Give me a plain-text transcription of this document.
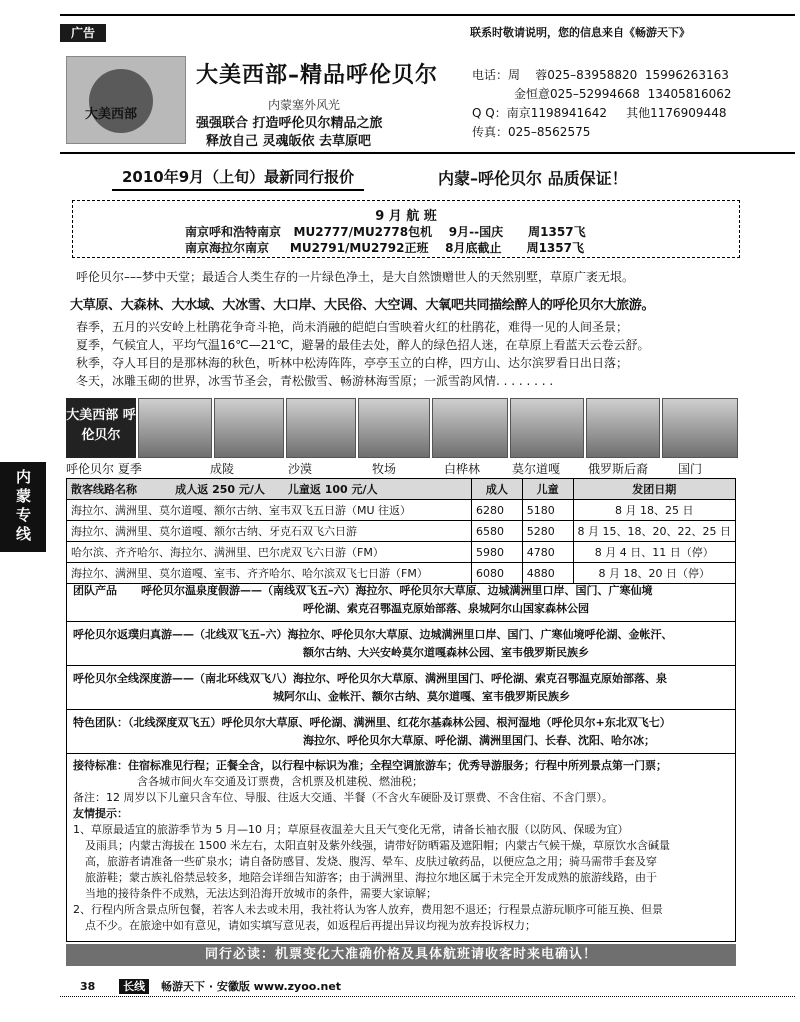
广告	联系时敬请说明，您的信息来自《畅游天下》
内蒙专线
大美西部
大美西部–精品呼伦贝尔
内蒙塞外风光
强强联合 打造呼伦贝尔精品之旅
释放自己 灵魂皈依 去草原吧
电话：周    蓉025–83958820  15996263163
金恒意025–52994668  13405816062
Q Q：南京1198941642     其他1176909448
传真：025–8562575
2010年9月（上旬）最新同行报价	内蒙–呼伦贝尔 品质保证！
9 月 航 班
南京呼和浩特南京   MU2777/MU2778包机    9月--国庆      周1357飞
南京海拉尔南京     MU2791/MU2792正班    8月底截止      周1357飞
呼伦贝尔–––梦中天堂；最适合人类生存的一片绿色净土，是大自然馈赠世人的天然别墅，草原广袤无垠。
大草原、大森林、大水域、大冰雪、大口岸、大民俗、大空调、大氧吧共同描绘醉人的呼伦贝尔大旅游。
春季，五月的兴安岭上杜鹃花争奇斗艳，尚未消融的皑皑白雪映着火红的杜鹃花，难得一见的人间圣景；
夏季，气候宜人，平均气温16℃—21℃，避暑的最佳去处，醉人的绿色招人迷，在草原上看蓝天云卷云舒。
秋季，夺人耳目的是那林海的秋色，听林中松涛阵阵，亭亭玉立的白桦，四方山、达尔滨罗看日出日落；
冬天，冰雕玉砌的世界，冰雪节圣会，青松傲雪、畅游林海雪原；一派雪韵风情. . . . . . . .
大美西部 呼伦贝尔
呼伦贝尔 夏季	成陵	沙漠	牧场	白桦林	莫尔道嘎 俄罗斯后裔 国门
散客线路名称          成人返 250 元/人      儿童返 100 元/人	成人	儿童	发团日期
海拉尔、满洲里、莫尔道嘎、额尔古纳、室韦双飞五日游（MU 往返）	6280	5180	8 月 18、25 日
海拉尔、满洲里、莫尔道嘎、额尔古纳、牙克石双飞六日游	6580	5280	8 月 15、18、20、22、25 日
哈尔滨、齐齐哈尔、海拉尔、满洲里、巴尔虎双飞六日游（FM）	5980	4780	8 月 4 日、11 日（停）
海拉尔、满洲里、莫尔道嘎、室韦、齐齐哈尔、哈尔滨双飞七日游（FM）	6080	4880	8 月 18、20 日（停）
团队产品 呼伦贝尔温泉度假游——（南线双飞五–六）海拉尔、呼伦贝尔大草原、边城满洲里口岸、国门、广寒仙境
呼伦湖、索克召鄂温克原始部落、泉城阿尔山国家森林公园
呼伦贝尔返璞归真游——（北线双飞五–六）海拉尔、呼伦贝尔大草原、边城满洲里口岸、国门、广寒仙境呼伦湖、金帐汗、
额尔古纳、大兴安岭莫尔道嘎森林公园、室韦俄罗斯民族乡
呼伦贝尔全线深度游——（南北环线双飞八）海拉尔、呼伦贝尔大草原、满洲里国门、呼伦湖、索克召鄂温克原始部落、泉
城阿尔山、金帐汗、额尔古纳、莫尔道嘎、室韦俄罗斯民族乡
特色团队：（北线深度双飞五）呼伦贝尔大草原、呼伦湖、满洲里、红花尔基森林公园、根河湿地（呼伦贝尔+东北双飞七）
海拉尔、呼伦贝尔大草原、呼伦湖、满洲里国门、长春、沈阳、哈尔冰；
接待标准：住宿标准见行程；正餐全含，以行程中标识为准；全程空调旅游车；优秀导游服务；行程中所列景点第一门票；
含各城市间火车交通及订票费，含机票及机建税、燃油税；
备注：12 周岁以下儿童只含车位、导服、往返大交通、半餐（不含火车硬卧及订票费、不含住宿、不含门票）。
友情提示：
1、草原最适宜的旅游季节为 5 月—10 月；草原昼夜温差大且天气变化无常，请备长袖衣服（以防风、保暖为宜）
及雨具；内蒙古海拔在 1500 米左右，太阳直射及紫外线强，请带好防晒霜及遮阳帽；内蒙古气候干燥，草原饮水含碱量
高，旅游者请准备一些矿泉水；请自备防感冒、发烧、腹泻、晕车、皮肤过敏药品，以便应急之用；骑马需带手套及穿
旅游鞋；蒙古族礼俗禁忌较多，地陪会详细告知游客；由于满洲里、海拉尔地区属于未完全开发成熟的旅游线路，由于
当地的接待条件不成熟，无法达到沿海开放城市的条件，需要大家谅解；
2、行程内所含景点所包餐，若客人未去或未用，我社将认为客人放弃，费用恕不退还；行程景点游玩顺序可能互换、但景
点不少。在旅途中如有意见，请如实填写意见表，如返程后再提出异议均视为放弃投诉权力；
同行必读：机票变化大准确价格及具体航班请收客时来电确认！
38	长线 畅游天下 · 安徽版 www.zyoo.net
